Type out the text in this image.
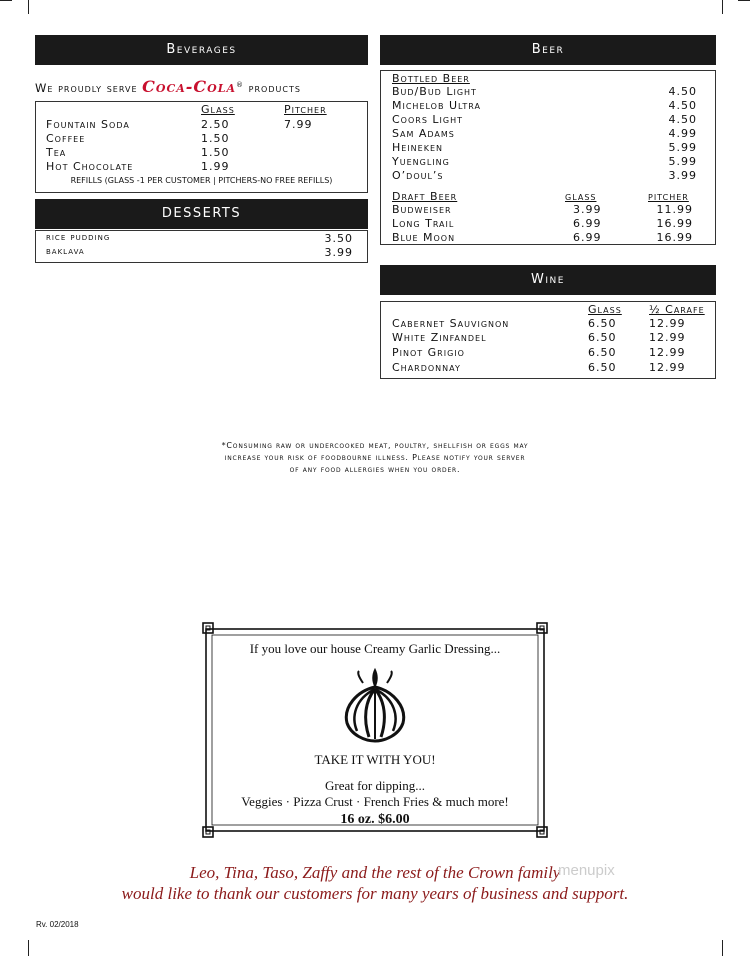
Beverages
We proudly serve Coca-Cola® products
Glass	Pitcher
Fountain Soda	2.50	7.99
Coffee	1.50
Tea	1.50
Hot Chocolate	1.99
REFILLS (GLASS -1 PER CUSTOMER | PITCHERS-NO FREE REFILLS)
DESSERTS
rice pudding	3.50
baklava	3.99
Beer
Bottled Beer
Bud/Bud Light	4.50
Michelob Ultra	4.50
Coors Light	4.50
Sam Adams	4.99
Heineken	5.99
Yuengling	5.99
O’doul’s	3.99
Draft Beer	glass	pitcher
Budweiser	3.99	11.99
Long Trail	6.99	16.99
Blue Moon	6.99	16.99
Wine
Glass ½ Carafe
Cabernet Sauvignon	6.50	12.99
White Zinfandel	6.50	12.99
Pinot Grigio	6.50	12.99
Chardonnay	6.50	12.99
*Consuming raw or undercooked meat, poultry, shellfish or eggs may
increase your risk of foodbourne illness. Please notify your server
of any food allergies when you order.
If you love our house Creamy Garlic Dressing...
TAKE IT WITH YOU!
Great for dipping...
Veggies · Pizza Crust · French Fries & much more!
16 oz. $6.00
Leo, Tina, Taso, Zaffy and the rest of the Crown family
would like to thank our customers for many years of business and support.
menupix
Rv. 02/2018
